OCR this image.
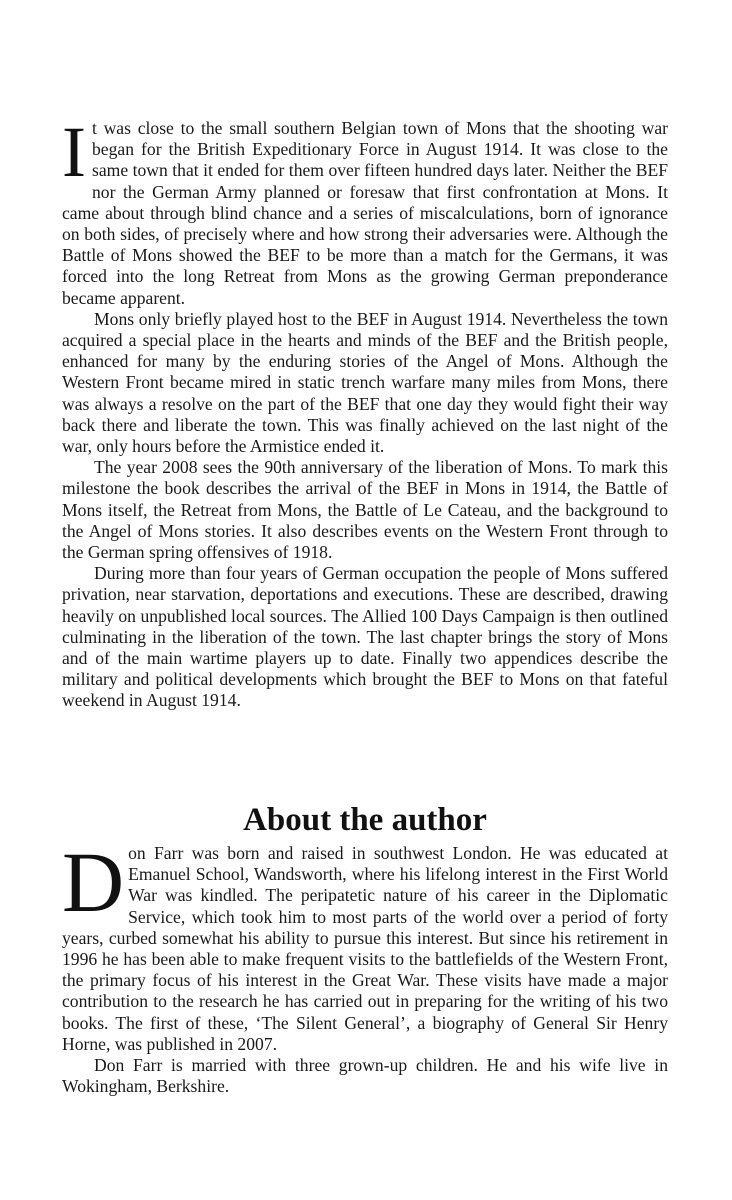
It was close to the small southern Belgian town of Mons that the shooting war began for the British Expeditionary Force in August 1914. It was close to the same town that it ended for them over fifteen hundred days later. Neither the BEF nor the German Army planned or foresaw that first confrontation at Mons. It came about through blind chance and a series of miscalculations, born of ignorance on both sides, of precisely where and how strong their adversaries were. Although the Battle of Mons showed the BEF to be more than a match for the Germans, it was forced into the long Retreat from Mons as the growing German preponderance became apparent.

Mons only briefly played host to the BEF in August 1914. Nevertheless the town acquired a special place in the hearts and minds of the BEF and the British people, enhanced for many by the enduring stories of the Angel of Mons. Although the Western Front became mired in static trench warfare many miles from Mons, there was always a resolve on the part of the BEF that one day they would fight their way back there and liberate the town. This was finally achieved on the last night of the war, only hours before the Armistice ended it.

The year 2008 sees the 90th anniversary of the liberation of Mons. To mark this milestone the book describes the arrival of the BEF in Mons in 1914, the Battle of Mons itself, the Retreat from Mons, the Battle of Le Cateau, and the background to the Angel of Mons stories. It also describes events on the Western Front through to the German spring offensives of 1918.

During more than four years of German occupation the people of Mons suffered privation, near starvation, deportations and executions. These are described, drawing heavily on unpublished local sources. The Allied 100 Days Campaign is then outlined culminating in the liberation of the town. The last chapter brings the story of Mons and of the main wartime players up to date. Finally two appendices describe the military and political developments which brought the BEF to Mons on that fateful weekend in August 1914.

About the author

Don Farr was born and raised in southwest London. He was educated at Emanuel School, Wandsworth, where his lifelong interest in the First World War was kindled. The peripatetic nature of his career in the Diplomatic Service, which took him to most parts of the world over a period of forty years, curbed somewhat his ability to pursue this interest. But since his retirement in 1996 he has been able to make frequent visits to the battlefields of the Western Front, the primary focus of his interest in the Great War. These visits have made a major contribution to the research he has carried out in preparing for the writing of his two books. The first of these, ‘The Silent General’, a biography of General Sir Henry Horne, was published in 2007.

Don Farr is married with three grown-up children. He and his wife live in Wokingham, Berkshire.
